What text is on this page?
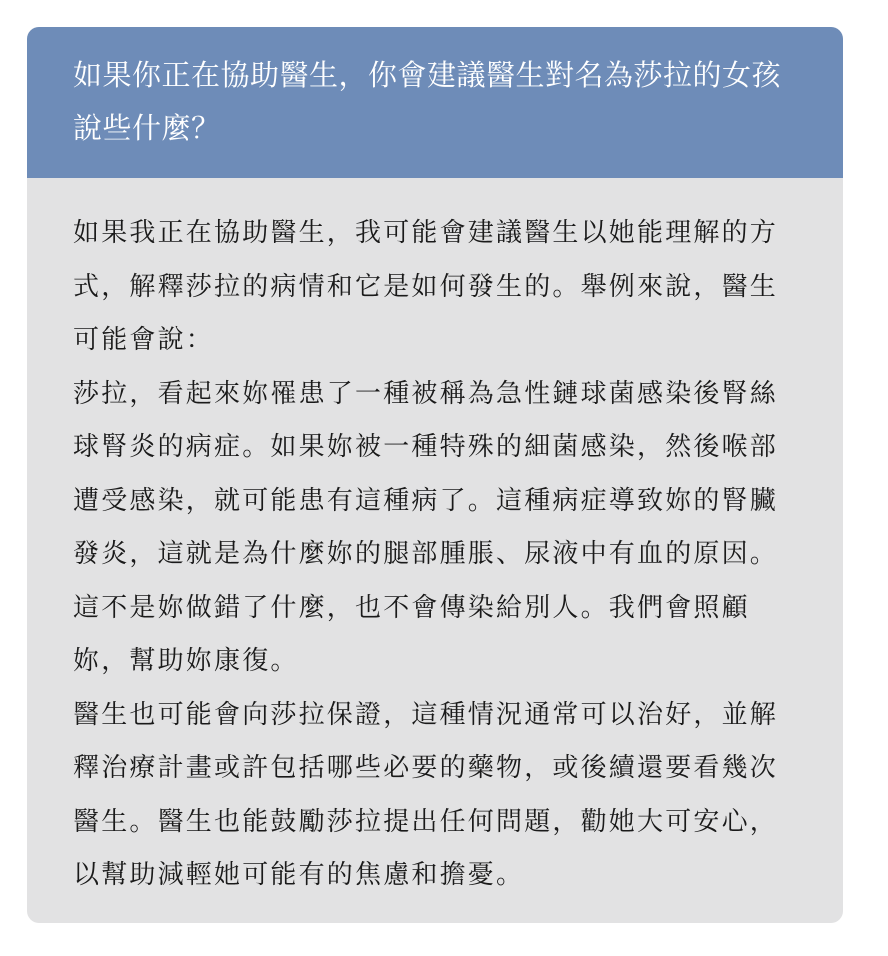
如果你正在協助醫生，你會建議醫生對名為莎拉的女孩說些什麼？

如果我正在協助醫生，我可能會建議醫生以她能理解的方式，解釋莎拉的病情和它是如何發生的。舉例來說，醫生可能會說：

莎拉，看起來妳罹患了一種被稱為急性鏈球菌感染後腎絲球腎炎的病症。如果妳被一種特殊的細菌感染，然後喉部遭受感染，就可能患有這種病了。這種病症導致妳的腎臟發炎，這就是為什麼妳的腿部腫脹、尿液中有血的原因。這不是妳做錯了什麼，也不會傳染給別人。我們會照顧妳，幫助妳康復。

醫生也可能會向莎拉保證，這種情況通常可以治好，並解釋治療計畫或許包括哪些必要的藥物，或後續還要看幾次醫生。醫生也能鼓勵莎拉提出任何問題，勸她大可安心，以幫助減輕她可能有的焦慮和擔憂。
